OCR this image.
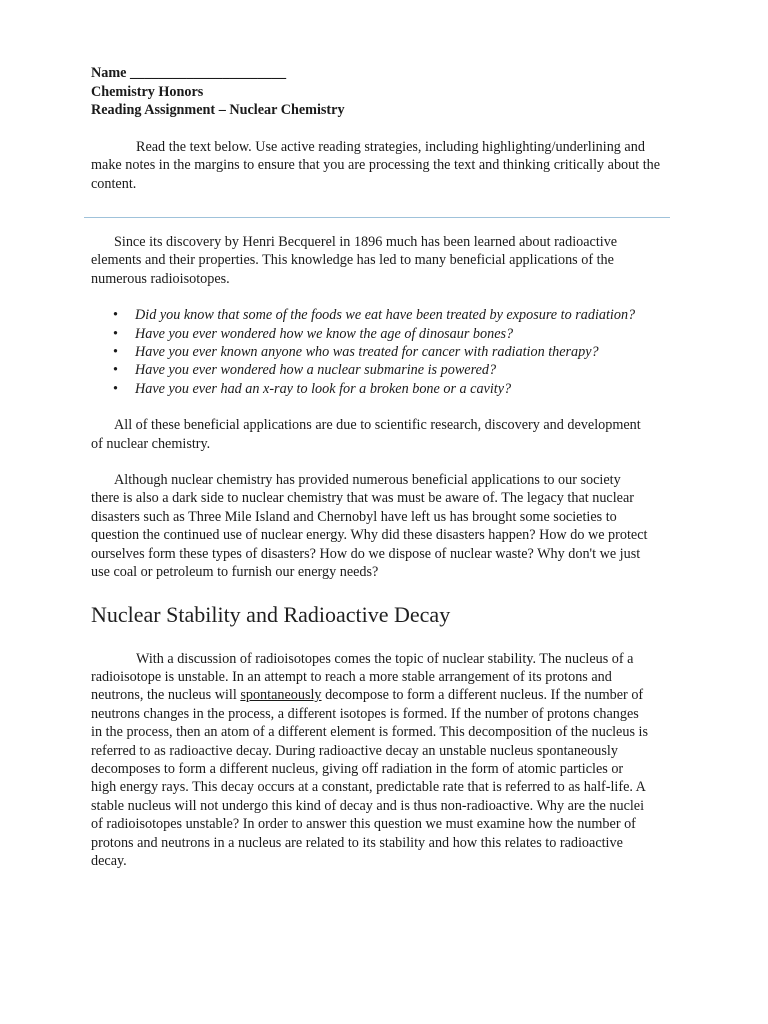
Name ______________________

Chemistry Honors

Reading Assignment – Nuclear Chemistry

Read the text below. Use active reading strategies, including highlighting/underlining and make notes in the margins to ensure that you are processing the text and thinking critically about the content.

Since its discovery by Henri Becquerel in 1896 much has been learned about radioactive elements and their properties. This knowledge has led to many beneficial applications of the numerous radioisotopes.

• Did you know that some of the foods we eat have been treated by exposure to radiation?
• Have you ever wondered how we know the age of dinosaur bones?
• Have you ever known anyone who was treated for cancer with radiation therapy?
• Have you ever wondered how a nuclear submarine is powered?
• Have you ever had an x-ray to look for a broken bone or a cavity?

All of these beneficial applications are due to scientific research, discovery and development of nuclear chemistry.

Although nuclear chemistry has provided numerous beneficial applications to our society there is also a dark side to nuclear chemistry that was must be aware of. The legacy that nuclear disasters such as Three Mile Island and Chernobyl have left us has brought some societies to question the continued use of nuclear energy. Why did these disasters happen? How do we protect ourselves form these types of disasters? How do we dispose of nuclear waste? Why don't we just use coal or petroleum to furnish our energy needs?

Nuclear Stability and Radioactive Decay

With a discussion of radioisotopes comes the topic of nuclear stability. The nucleus of a radioisotope is unstable. In an attempt to reach a more stable arrangement of its protons and neutrons, the nucleus will spontaneously decompose to form a different nucleus. If the number of neutrons changes in the process, a different isotopes is formed. If the number of protons changes in the process, then an atom of a different element is formed. This decomposition of the nucleus is referred to as radioactive decay. During radioactive decay an unstable nucleus spontaneously decomposes to form a different nucleus, giving off radiation in the form of atomic particles or high energy rays. This decay occurs at a constant, predictable rate that is referred to as half-life. A stable nucleus will not undergo this kind of decay and is thus non-radioactive. Why are the nuclei of radioisotopes unstable? In order to answer this question we must examine how the number of protons and neutrons in a nucleus are related to its stability and how this relates to radioactive decay.
